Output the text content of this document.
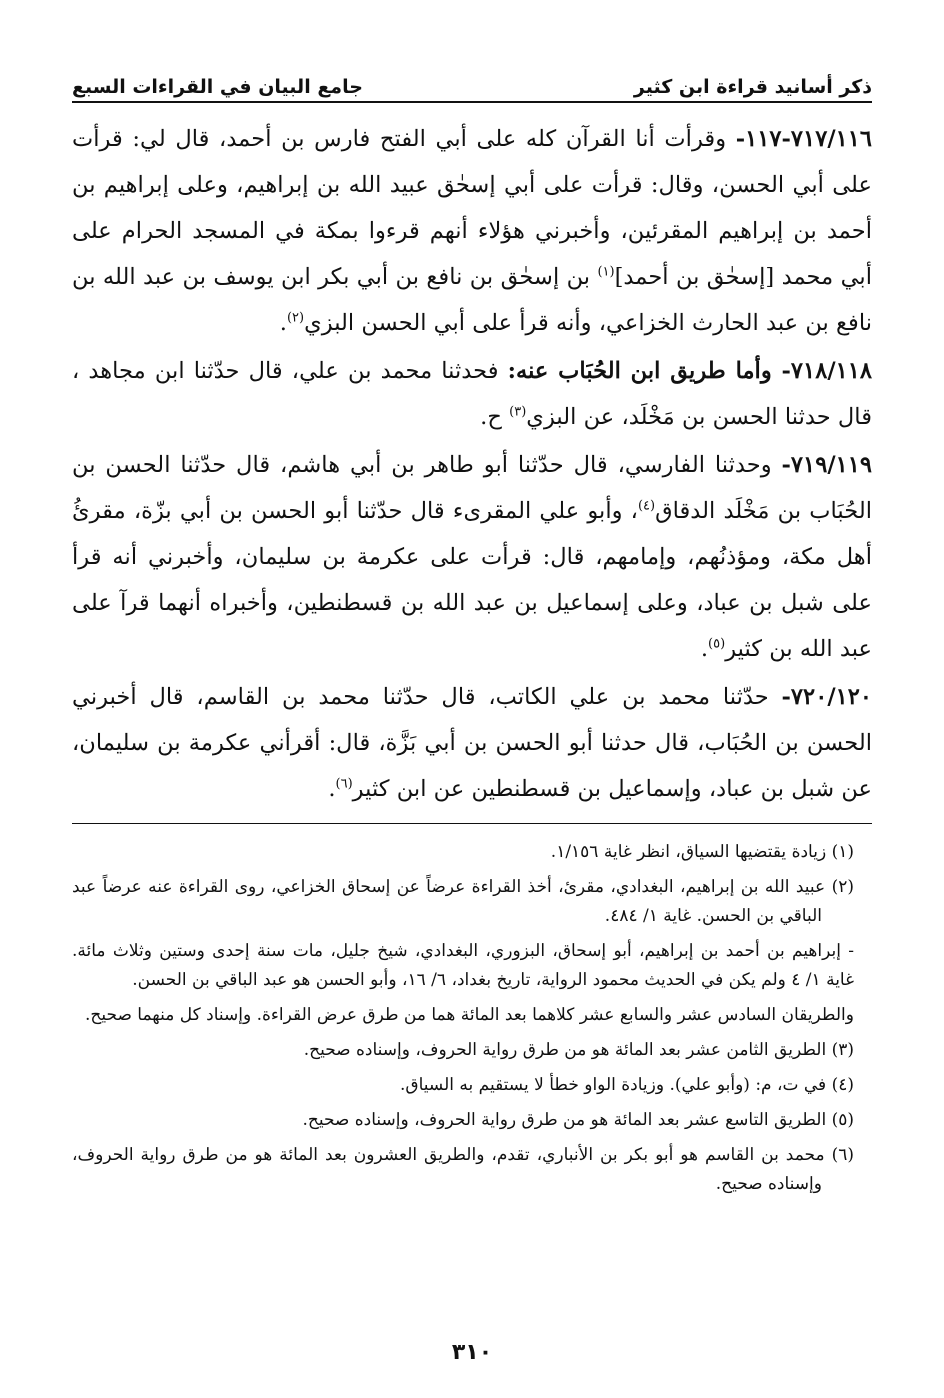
ذكر أسانيد قراءة ابن كثير
جامع البيان في القراءات السبع

٧١٧/١١٦-١١٧- وقرأت أنا القرآن كله على أبي الفتح فارس بن أحمد، قال لي: قرأت على أبي الحسن، وقال: قرأت على أبي إسحٰق عبيد الله بن إبراهيم، وعلى إبراهيم بن أحمد بن إبراهيم المقرئين، وأخبرني هؤلاء أنهم قرءوا بمكة في المسجد الحرام على أبي محمد [إسحٰق بن أحمد]$^{(١)}$ بن إسحٰق بن نافع بن أبي بكر ابن يوسف بن عبد الله بن نافع بن عبد الحارث الخزاعي، وأنه قرأ على أبي الحسن البزي$^{(٢)}$.

٧١٨/١١٨- وأما طريق ابن الحُبَاب عنه: فحدثنا محمد بن علي، قال حدّثنا ابن مجاهد ، قال حدثنا الحسن بن مَخْلَد، عن البزي$^{(٣)}$ ح.

٧١٩/١١٩- وحدثنا الفارسي، قال حدّثنا أبو طاهر بن أبي هاشم، قال حدّثنا الحسن بن الحُبَاب بن مَخْلَد الدقاق$^{(٤)}$، وأبو علي المقرىء قال حدّثنا أبو الحسن بن أبي بزّة، مقرئُ أهل مكة، ومؤذنُهم، وإمامهم، قال: قرأت على عكرمة بن سليمان، وأخبرني أنه قرأ على شبل بن عباد، وعلى إسماعيل بن عبد الله بن قسطنطين، وأخبراه أنهما قرآ على عبد الله بن كثير$^{(٥)}$.

٧٢٠/١٢٠- حدّثنا محمد بن علي الكاتب، قال حدّثنا محمد بن القاسم، قال أخبرني الحسن بن الحُبَاب، قال حدثنا أبو الحسن بن أبي بَزَّة، قال: أقرأني عكرمة بن سليمان، عن شبل بن عباد، وإسماعيل بن قسطنطين عن ابن كثير$^{(٦)}$.

(١) زيادة يقتضيها السياق، انظر غاية ١/١٥٦.

(٢) عبيد الله بن إبراهيم، البغدادي، مقرئ، أخذ القراءة عرضاً عن إسحاق الخزاعي، روى القراءة عنه عرضاً عبد الباقي بن الحسن. غاية ١/ ٤٨٤.

- إبراهيم بن أحمد بن إبراهيم، أبو إسحاق، البزوري، البغدادي، شيخ جليل، مات سنة إحدى وستين وثلاث مائة. غاية ١/ ٤ ولم يكن في الحديث محمود الرواية، تاريخ بغداد، ٦/ ١٦، وأبو الحسن هو عبد الباقي بن الحسن.

والطريقان السادس عشر والسابع عشر كلاهما بعد المائة هما من طرق عرض القراءة. وإسناد كل منهما صحيح.

(٣) الطريق الثامن عشر بعد المائة هو من طرق رواية الحروف، وإسناده صحيح.

(٤) في ت، م: (وأبو علي). وزيادة الواو خطأ لا يستقيم به السياق.

(٥) الطريق التاسع عشر بعد المائة هو من طرق رواية الحروف، وإسناده صحيح.

(٦) محمد بن القاسم هو أبو بكر بن الأنباري، تقدم، والطريق العشرون بعد المائة هو من طرق رواية الحروف، وإسناده صحيح.

٣١٠
